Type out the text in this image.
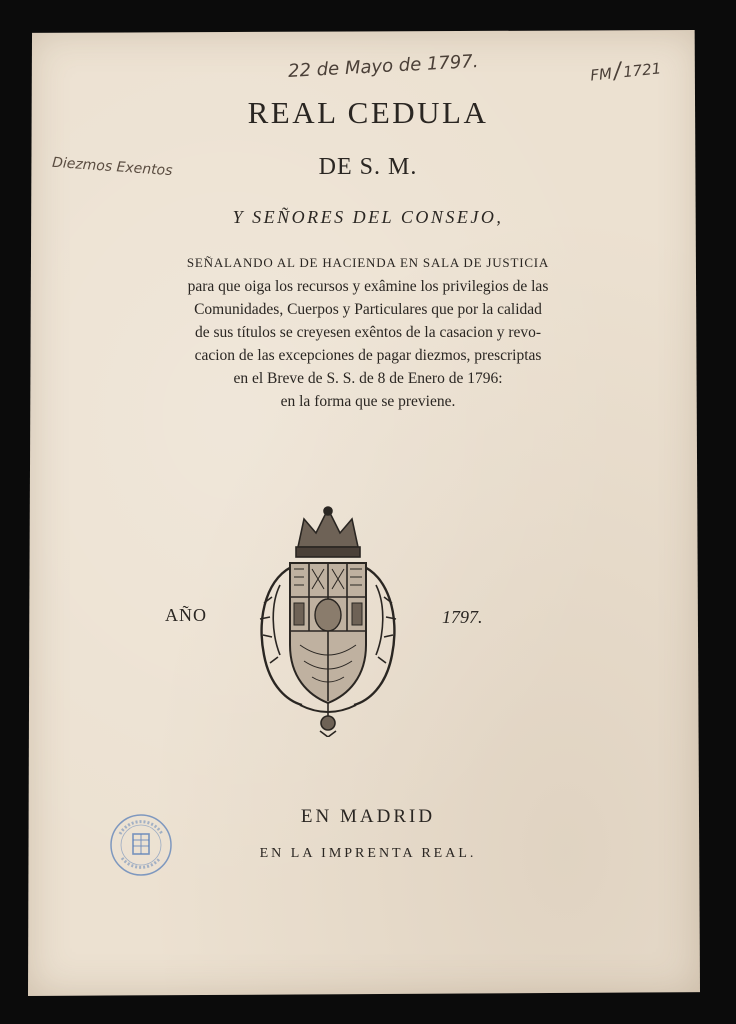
22 de Mayo de 1797.
Diezmos Exentos
FM/1721
REAL CEDULA
DE S. M.
Y SEÑORES DEL CONSEJO,
SEÑALANDO AL DE HACIENDA EN SALA DE JUSTICIA
para que oiga los recursos y exâmine los privilegios de las
Comunidades, Cuerpos y Particulares que por la calidad
de sus títulos se creyesen exêntos de la casacion y revo-
cacion de las excepciones de pagar diezmos, prescriptas
en el Breve de S. S. de 8 de Enero de 1796:
en la forma que se previene.
AÑO	1797.
EN MADRID
EN LA IMPRENTA REAL.
